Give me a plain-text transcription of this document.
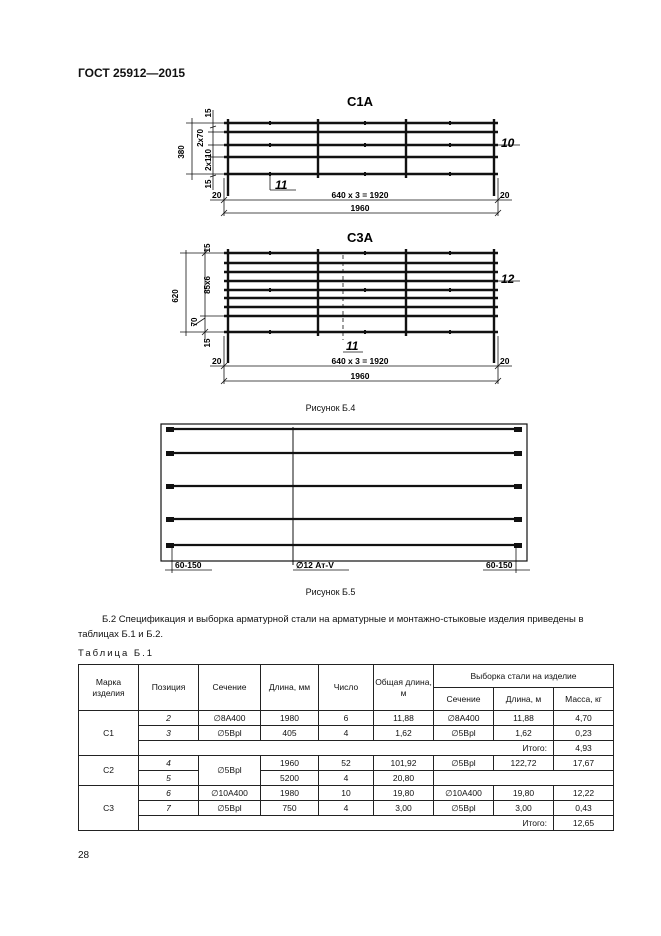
ГОСТ 25912—2015
С1А
380
2х70
2х110
15
15
10
11
640 х 3 = 1920
20	20
1960
С3А
620
85х6
70
15
15
12
11
640 х 3 = 1920
20	20
1960
Рисунок Б.4
60-150	∅12 Ат-V	60-150
Рисунок Б.5
Б.2 Спецификация и выборка арматурной стали на арматурные и монтажно-стыковые изделия приведены в таблицах Б.1 и Б.2.
Таблица Б.1
Марка изделия	Позиция	Сечение	Длина, мм	Число	Общая длина, м	Выборка стали на изделие		
						Сечение	Длина, м	Масса, кг
С1	2	∅8А400	1980	6	11,88	∅8А400	11,88	4,70
	3	∅5Врl	405	4	1,62	∅5Врl	1,62	0,23
	Итого:							4,93
С2	4	∅5Врl	1960	52	101,92	∅5Врl	122,72	17,67
	5		5200	4	20,80			
С3	6	∅10А400	1980	10	19,80	∅10А400	19,80	12,22
	7	∅5Врl	750	4	3,00	∅5Врl	3,00	0,43
	Итого:							12,65
28
